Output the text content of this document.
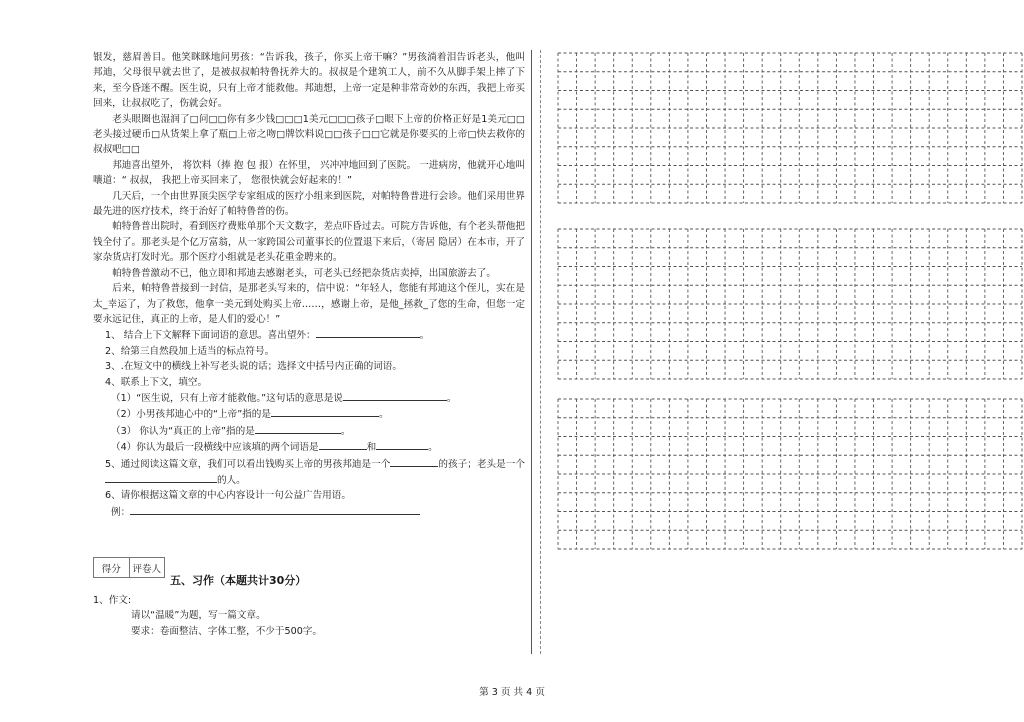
银发，慈眉善目。他笑眯眯地问男孩：“告诉我，孩子，你买上帝干嘛？”男孩淌着泪告诉老头，他叫邦迪，父母很早就去世了，是被叔叔帕特鲁抚养大的。叔叔是个建筑工人，前不久从脚手架上摔了下来，至今昏迷不醒。医生说，只有上帝才能救他。邦迪想，上帝一定是种非常奇妙的东西，我把上帝买回来，让叔叔吃了，伤就会好。

老头眼圈也湿润了□问□□你有多少钱□□□1美元□□□孩子□眼下上帝的价格正好是1美元□□老头接过硬币□从货架上拿了瓶□上帝之吻□牌饮料说□□孩子□□它就是你要买的上帝□快去救你的叔叔吧□□

邦迪喜出望外， 将饮料（捧 抱 包 报）在怀里， 兴冲冲地回到了医院。 一进病房，他就开心地叫嚷道：“ 叔叔， 我把上帝买回来了， 您很快就会好起来的！”

几天后，一个由世界顶尖医学专家组成的医疗小组来到医院，对帕特鲁普进行会诊。他们采用世界最先进的医疗技术，终于治好了帕特鲁普的伤。

帕特鲁普出院时，看到医疗费账单那个天文数字，差点吓昏过去。可院方告诉他，有个老头帮他把钱全付了。那老头是个亿万富翁，从一家跨国公司董事长的位置退下来后，（寄居 隐居）在本市，开了家杂货店打发时光。那个医疗小组就是老头花重金聘来的。

帕特鲁普激动不已，他立即和邦迪去感谢老头，可老头已经把杂货店卖掉，出国旅游去了。

后来，帕特鲁普接到一封信，是那老头写来的，信中说：“年轻人，您能有邦迪这个侄儿，实在是太_幸运了，为了救您，他拿一美元到处购买上帝……，感谢上帝，是他_拯救_了您的生命，但您一定要永远记住，真正的上帝，是人们的爱心！”

1、 结合上下文解释下面词语的意思。喜出望外：	。

2、给第三自然段加上适当的标点符号。

3、.在短文中的横线上补写老头说的话；选择文中括号内正确的词语。

4、联系上下文，填空。

（1）“医生说，只有上帝才能救他。”这句话的意思是说	。

（2）小男孩邦迪心中的“上帝”指的是	。

（3） 你认为“真正的上帝”指的是	。

（4）你认为最后一段横线中应该填的两个词语是	和	。

5、通过阅读这篇文章，我们可以看出钱购买上帝的男孩邦迪是一个	的孩子；老头是一个的人。

6、请你根据这篇文章的中心内容设计一句公益广告用语。

例：

得分	评卷人
五、习作（本题共计30分）

1、作文:

请以“温暖”为题，写一篇文章。

要求：卷面整洁、字体工整，不少于500字。

第 3 页 共 4 页
